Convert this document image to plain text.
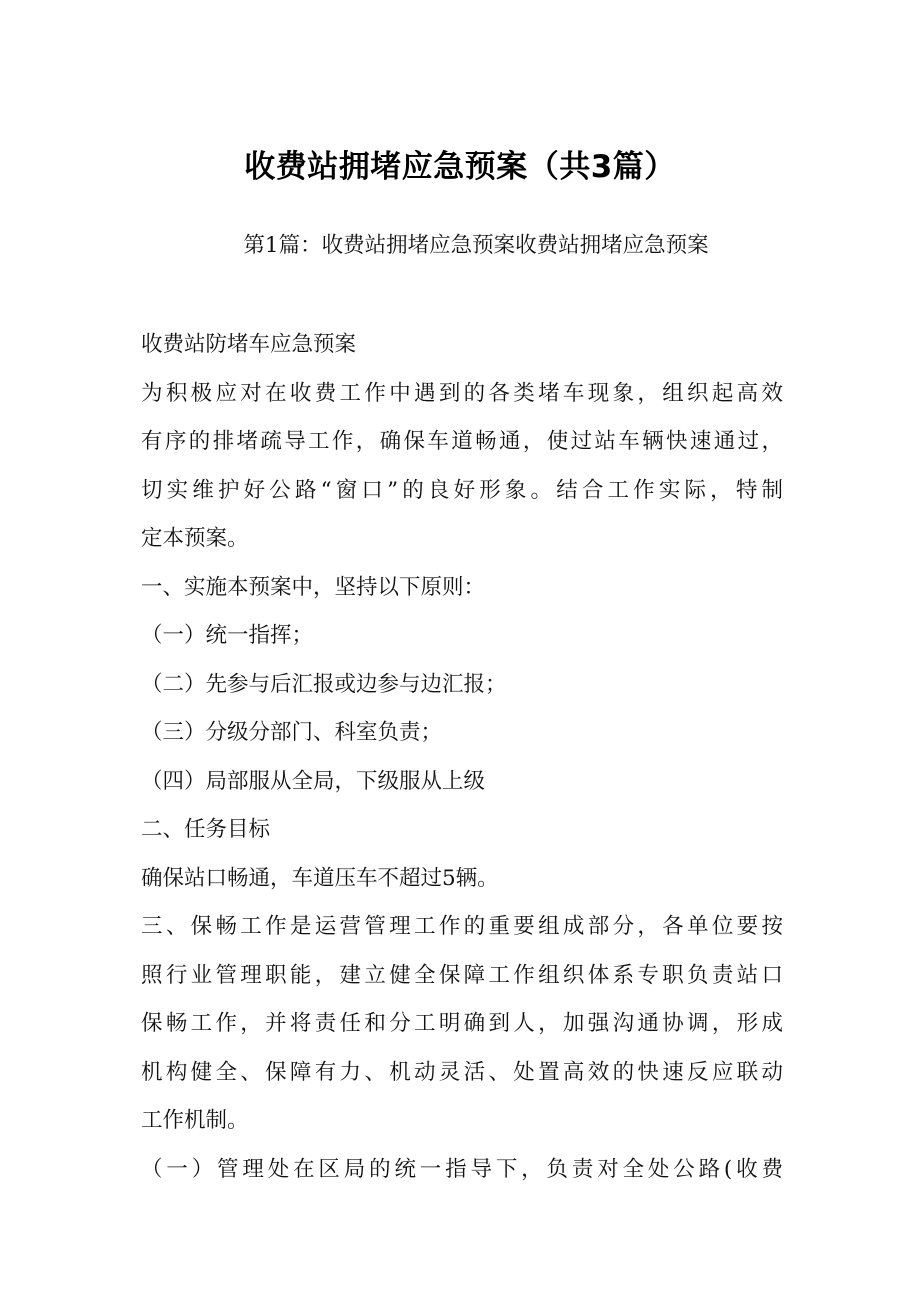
收费站拥堵应急预案（共3篇）
第1篇：收费站拥堵应急预案收费站拥堵应急预案
收费站防堵车应急预案
为积极应对在收费工作中遇到的各类堵车现象，组织起高效
有序的排堵疏导工作，确保车道畅通，使过站车辆快速通过，
切实维护好公路“窗口”的良好形象。结合工作实际，特制
定本预案。
一、实施本预案中，坚持以下原则：
（一）统一指挥；
（二）先参与后汇报或边参与边汇报；
（三）分级分部门、科室负责；
（四）局部服从全局，下级服从上级
二、任务目标
确保站口畅通，车道压车不超过5辆。
三、保畅工作是运营管理工作的重要组成部分，各单位要按
照行业管理职能，建立健全保障工作组织体系专职负责站口
保畅工作，并将责任和分工明确到人，加强沟通协调，形成
机构健全、保障有力、机动灵活、处置高效的快速反应联动
工作机制。
（一）管理处在区局的统一指导下，负责对全处公路(收费
